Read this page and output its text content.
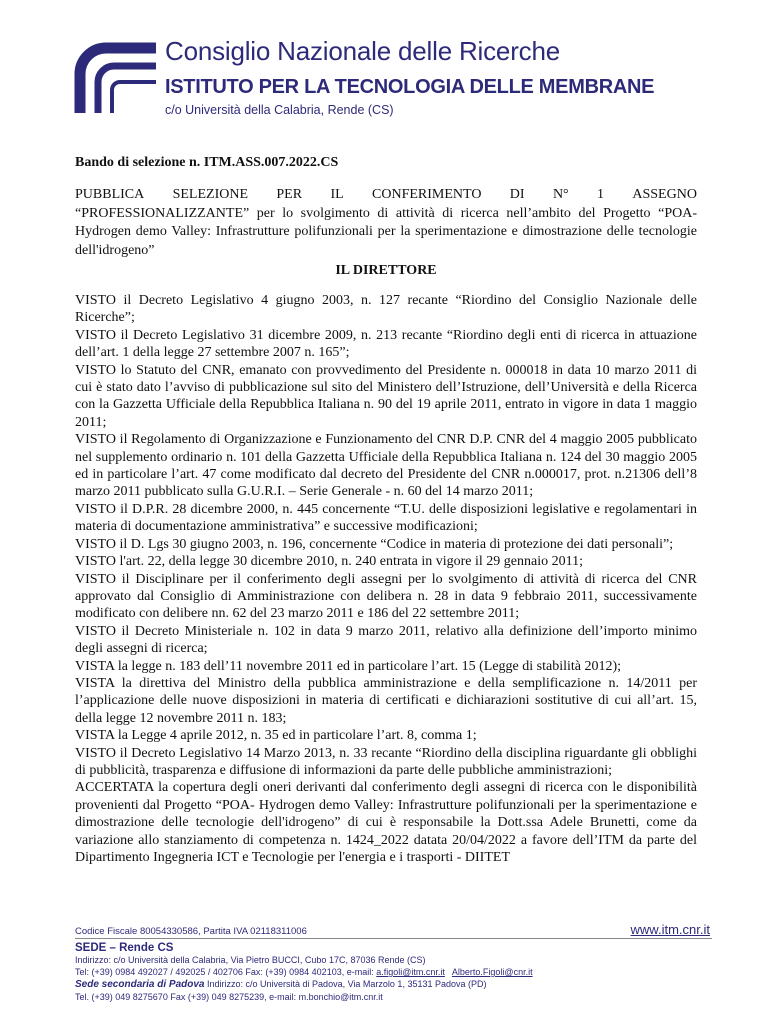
Consiglio Nazionale delle Ricerche
ISTITUTO PER LA TECNOLOGIA DELLE MEMBRANE
c/o Università della Calabria, Rende (CS)

Bando di selezione n. ITM.ASS.007.2022.CS

PUBBLICA SELEZIONE PER IL CONFERIMENTO DI N° 1 ASSEGNO
“PROFESSIONALIZZANTE” per lo svolgimento di attività di ricerca nell’ambito del Progetto “POA- Hydrogen demo Valley: Infrastrutture polifunzionali per la sperimentazione e dimostrazione delle tecnologie dell'idrogeno”
IL DIRETTORE
VISTO il Decreto Legislativo 4 giugno 2003, n. 127 recante “Riordino del Consiglio Nazionale delle Ricerche”;
VISTO il Decreto Legislativo 31 dicembre 2009, n. 213 recante “Riordino degli enti di ricerca in attuazione dell’art. 1 della legge 27 settembre 2007 n. 165”;
VISTO lo Statuto del CNR, emanato con provvedimento del Presidente n. 000018 in data 10 marzo 2011 di cui è stato dato l’avviso di pubblicazione sul sito del Ministero dell’Istruzione, dell’Università e della Ricerca con la Gazzetta Ufficiale della Repubblica Italiana n. 90 del 19 aprile 2011, entrato in vigore in data 1 maggio 2011;
VISTO il Regolamento di Organizzazione e Funzionamento del CNR D.P. CNR del 4 maggio 2005 pubblicato nel supplemento ordinario n. 101 della Gazzetta Ufficiale della Repubblica Italiana n. 124 del 30 maggio 2005 ed in particolare l’art. 47 come modificato dal decreto del Presidente del CNR n.000017, prot. n.21306 dell’8 marzo 2011 pubblicato sulla G.U.R.I. – Serie Generale - n. 60 del 14 marzo 2011;
VISTO il D.P.R. 28 dicembre 2000, n. 445 concernente “T.U. delle disposizioni legislative e regolamentari in materia di documentazione amministrativa” e successive modificazioni;
VISTO il D. Lgs 30 giugno 2003, n. 196, concernente “Codice in materia di protezione dei dati personali”;
VISTO l'art. 22, della legge 30 dicembre 2010, n. 240 entrata in vigore il 29 gennaio 2011;
VISTO il Disciplinare per il conferimento degli assegni per lo svolgimento di attività di ricerca del CNR approvato dal Consiglio di Amministrazione con delibera n. 28 in data 9 febbraio 2011, successivamente modificato con delibere nn. 62 del 23 marzo 2011 e 186 del 22 settembre 2011;
VISTO il Decreto Ministeriale n. 102 in data 9 marzo 2011, relativo alla definizione dell’importo minimo degli assegni di ricerca;
VISTA la legge n. 183 dell’11 novembre 2011 ed in particolare l’art. 15 (Legge di stabilità 2012);
VISTA la direttiva del Ministro della pubblica amministrazione e della semplificazione n. 14/2011 per l’applicazione delle nuove disposizioni in materia di certificati e dichiarazioni sostitutive di cui all’art. 15, della legge 12 novembre 2011 n. 183;
VISTA la Legge 4 aprile 2012, n. 35 ed in particolare l’art. 8, comma 1;
VISTO il Decreto Legislativo 14 Marzo 2013, n. 33 recante “Riordino della disciplina riguardante gli obblighi di pubblicità, trasparenza e diffusione di informazioni da parte delle pubbliche amministrazioni;
ACCERTATA la copertura degli oneri derivanti dal conferimento degli assegni di ricerca con le disponibilità provenienti dal Progetto “POA- Hydrogen demo Valley: Infrastrutture polifunzionali per la sperimentazione e dimostrazione delle tecnologie dell'idrogeno” di cui è responsabile la Dott.ssa Adele Brunetti, come da variazione allo stanziamento di competenza n. 1424_2022 datata 20/04/2022 a favore dell’ITM da parte del Dipartimento Ingegneria ICT e Tecnologie per l'energia e i trasporti - DIITET
Codice Fiscale 80054330586, Partita IVA 02118311006	www.itm.cnr.it
SEDE – Rende CS
Indirizzo: c/o Università della Calabria, Via Pietro BUCCI, Cubo 17C, 87036 Rende (CS)
Tel: (+39) 0984 492027 / 492025 / 402706 Fax: (+39) 0984 402103, e-mail: a.figoli@itm.cnr.it Alberto.Figoli@cnr.it
Sede secondaria di Padova Indirizzo: c/o Università di Padova, Via Marzolo 1, 35131 Padova (PD)
Tel. (+39) 049 8275670 Fax (+39) 049 8275239, e-mail: m.bonchio@itm.cnr.it
